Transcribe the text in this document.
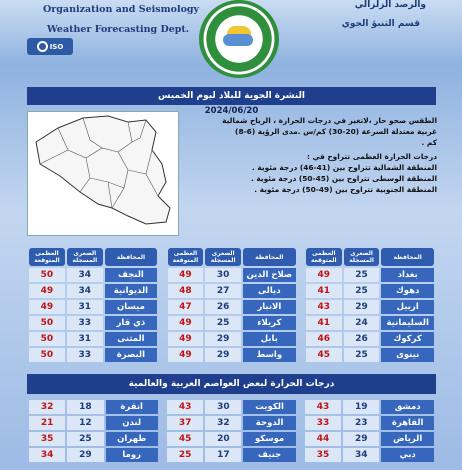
Organization and Seismology
Weather Forecasting Dept.
ISO
والرصد الزلزالي
قسم التنبؤ الجوي
النشرة الجوية للبلاد ليوم الخميس
2024/06/20

الطقس صحو حار ،لاتغير في درجات الحرارة ، الرياح شمالية

غربية معتدلة السرعة (20-30) كم/س .مدى الرؤية (6-8)

كم .

درجات الحرارة العظمى تتراوح في :

المنطقة الشمالية تتراوح بين (41-46) درجة مئوية .

المنطقة الوسطى تتراوح بين (45-50) درجة مئوية .

المنطقة الجنوبية تتراوح بين (49-50) درجة مئوية .

المحافظة	الصغرى المسجلة	العظمى المتوقعة		المحافظة	الصغرى المسجلة	العظمى المتوقعة		المحافظة	الصغرى المسجلة	العظمى المتوقعة
بغداد	25	49		صلاح الدين	30	49		النجف	34	50
دهوك	25	41		ديالى	27	48		الديوانية	34	49
اربيل	29	43		الانبار	26	47		ميسان	31	49
السليمانية	24	41		كربلاء	25	49		ذي قار	33	50
كركوك	26	46		بابل	29	49		المثنى	31	50
نينوى	25	45		واسط	29	49		البصرة	33	50
درجات الحرارة لبعض العواصم العربية والعالمية
دمشق	19	43		الكويت	30	43		انقرة	18	32
القاهرة	23	33		الدوحة	32	37		لندن	12	21
الرياض	29	44		موسكو	20	45		طهران	25	35
دبي	34	35		جنيف	17	25		روما	29	34
